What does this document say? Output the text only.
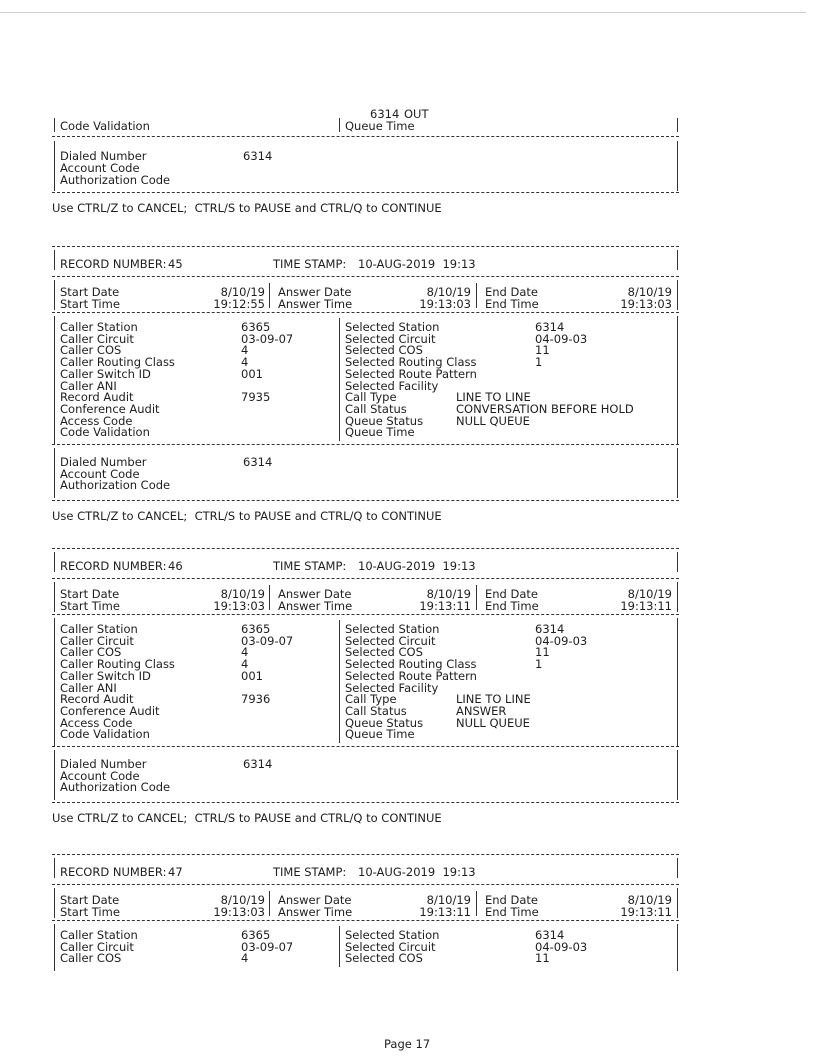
6314 OUT
Code Validation	Queue Time
Dialed Number	6314
Account Code
Authorization Code
Use CTRL/Z to CANCEL;  CTRL/S to PAUSE and CTRL/Q to CONTINUE
RECORD NUMBER: 45	TIME STAMP: 10-AUG-2019  19:13
Start Date	8/10/19 Answer Date	8/10/19 End Date	8/10/19
Start Time	19:12:55 Answer Time	19:13:03 End Time	19:13:03
Caller Station	6365	Selected Station	6314
Caller Circuit	03-09-07	Selected Circuit	04-09-03
Caller COS	4	Selected COS	11
Caller Routing Class	4	Selected Routing Class	1
Caller Switch ID	001	Selected Route Pattern
Caller ANI	Selected Facility
Record Audit	7935	Call Type	LINE TO LINE
Conference Audit	Call Status	CONVERSATION BEFORE HOLD
Access Code	Queue Status	NULL QUEUE
Code Validation	Queue Time
Dialed Number	6314
Account Code
Authorization Code
Use CTRL/Z to CANCEL;  CTRL/S to PAUSE and CTRL/Q to CONTINUE
RECORD NUMBER: 46	TIME STAMP: 10-AUG-2019  19:13
Start Date	8/10/19 Answer Date	8/10/19 End Date	8/10/19
Start Time	19:13:03 Answer Time	19:13:11 End Time	19:13:11
Caller Station	6365	Selected Station	6314
Caller Circuit	03-09-07	Selected Circuit	04-09-03
Caller COS	4	Selected COS	11
Caller Routing Class	4	Selected Routing Class	1
Caller Switch ID	001	Selected Route Pattern
Caller ANI	Selected Facility
Record Audit	7936	Call Type	LINE TO LINE
Conference Audit	Call Status	ANSWER
Access Code	Queue Status	NULL QUEUE
Code Validation	Queue Time
Dialed Number	6314
Account Code
Authorization Code
Use CTRL/Z to CANCEL;  CTRL/S to PAUSE and CTRL/Q to CONTINUE
RECORD NUMBER: 47	TIME STAMP: 10-AUG-2019  19:13
Start Date	8/10/19 Answer Date	8/10/19 End Date	8/10/19
Start Time	19:13:03 Answer Time	19:13:11 End Time	19:13:11
Caller Station	6365	Selected Station	6314
Caller Circuit	03-09-07	Selected Circuit	04-09-03
Caller COS	4	Selected COS	11
Page 17
